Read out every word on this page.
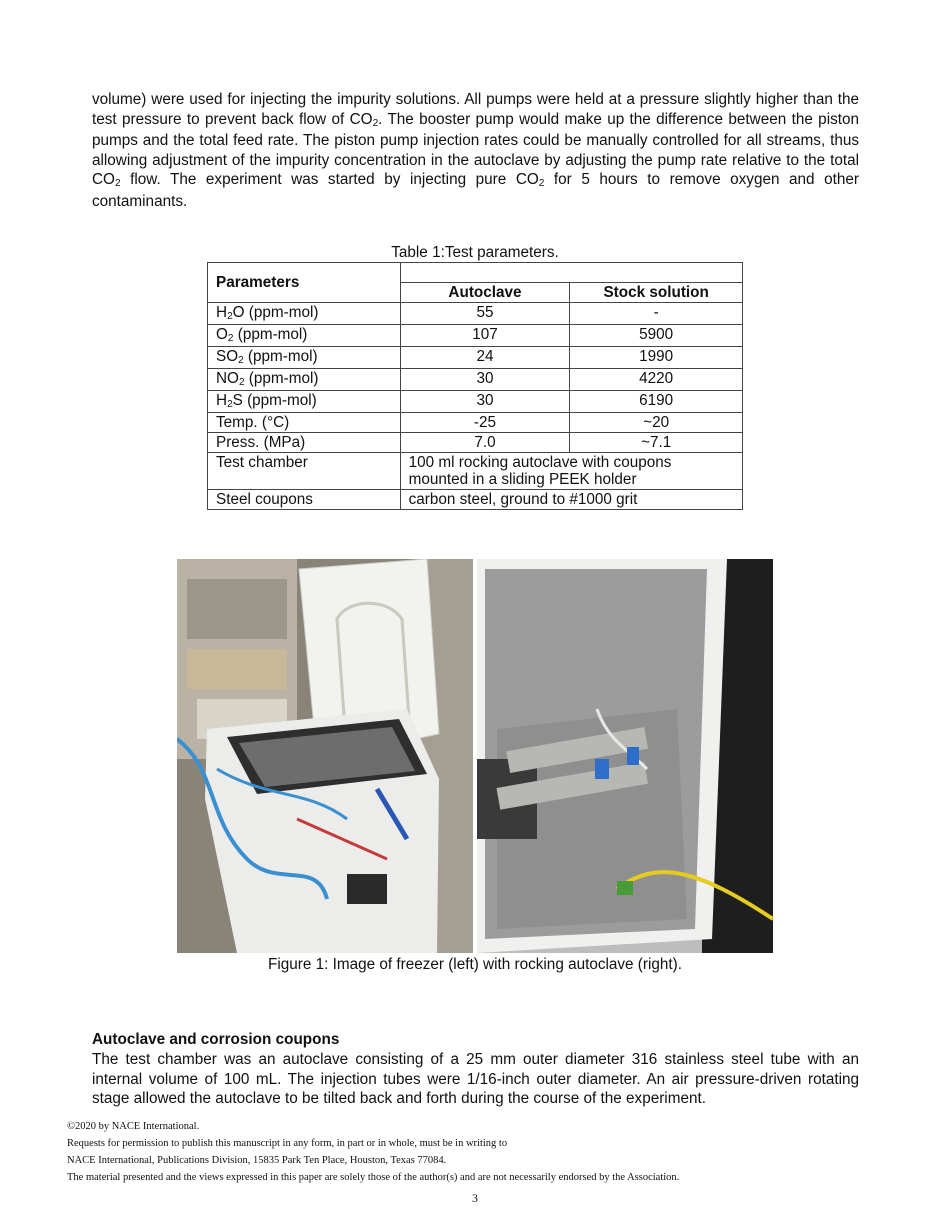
volume) were used for injecting the impurity solutions. All pumps were held at a pressure slightly higher than the test pressure to prevent back flow of $CO_2$. The booster pump would make up the difference between the piston pumps and the total feed rate. The piston pump injection rates could be manually controlled for all streams, thus allowing adjustment of the impurity concentration in the autoclave by adjusting the pump rate relative to the total $CO_2$ flow. The experiment was started by injecting pure $CO_2$ for 5 hours to remove oxygen and other contaminants.
Table 1:Test parameters.
Parameters		
	Autoclave	Stock solution
$H_2O$ (ppm-mol)	55	-
$O_2$ (ppm-mol)	107	5900
$SO_2$ (ppm-mol)	24	1990
$NO_2$ (ppm-mol)	30	4220
$H_2S$ (ppm-mol)	30	6190
Temp. (°C)	-25	~20
Press. (MPa)	7.0	~7.1
Test chamber	100 ml rocking autoclave with coupons mounted in a sliding PEEK holder	
Steel coupons	carbon steel, ground to #1000 grit	
Figure 1: Image of freezer (left) with rocking autoclave (right).
Autoclave and corrosion coupons
The test chamber was an autoclave consisting of a 25 mm outer diameter 316 stainless steel tube with an internal volume of 100 mL. The injection tubes were 1/16-inch outer diameter. An air pressure-driven rotating stage allowed the autoclave to be tilted back and forth during the course of the experiment.
©2020 by NACE International.
Requests for permission to publish this manuscript in any form, in part or in whole, must be in writing to
NACE International, Publications Division, 15835 Park Ten Place, Houston, Texas 77084.
The material presented and the views expressed in this paper are solely those of the author(s) and are not necessarily endorsed by the Association.
3
